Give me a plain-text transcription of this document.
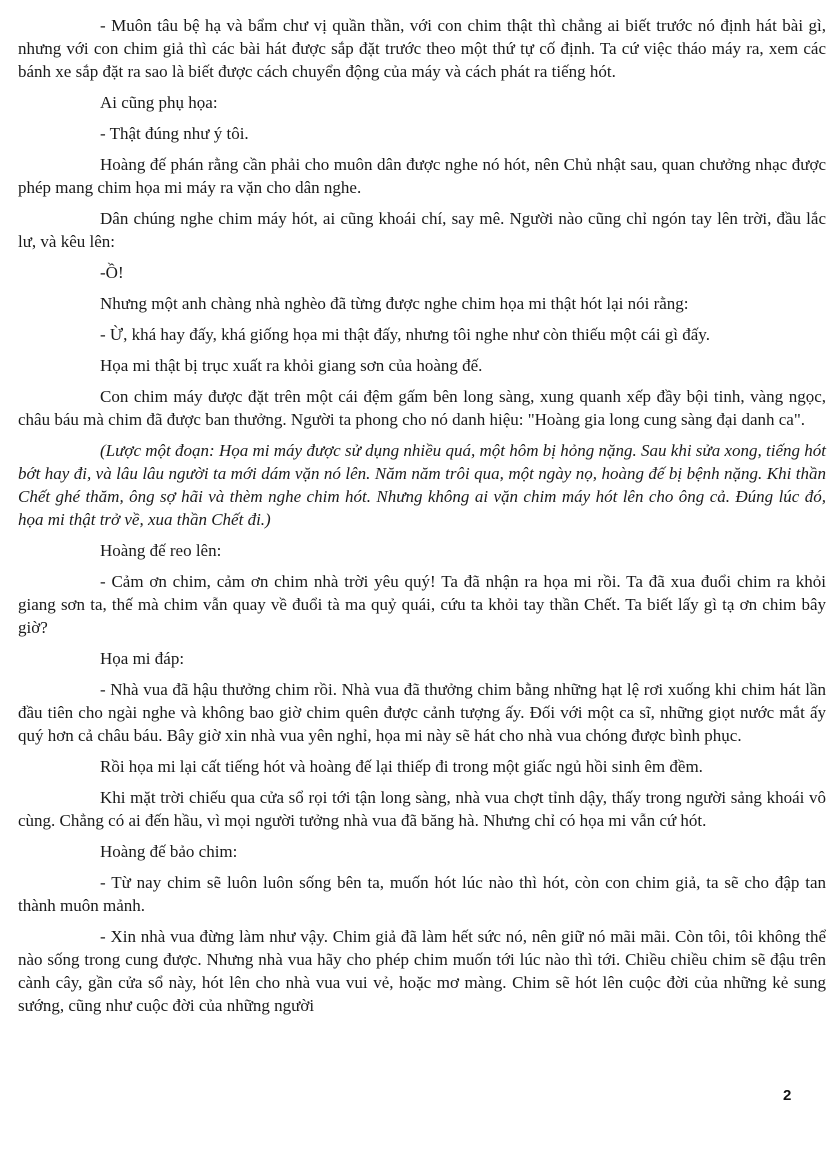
- Muôn tâu bệ hạ và bẩm chư vị quần thần, với con chim thật thì chẳng ai biết trước nó định hát bài gì, nhưng với con chim giả thì các bài hát được sắp đặt trước theo một thứ tự cố định. Ta cứ việc tháo máy ra, xem các bánh xe sắp đặt ra sao là biết được cách chuyển động của máy và cách phát ra tiếng hót.

Ai cũng phụ họa:

- Thật đúng như ý tôi.

Hoàng đế phán rằng cần phải cho muôn dân được nghe nó hót, nên Chủ nhật sau, quan chưởng nhạc được phép mang chim họa mi máy ra vặn cho dân nghe.

Dân chúng nghe chim máy hót, ai cũng khoái chí, say mê. Người nào cũng chỉ ngón tay lên trời, đầu lắc lư, và kêu lên:

-Ồ!

Nhưng một anh chàng nhà nghèo đã từng được nghe chim họa mi thật hót lại nói rằng:

- Ừ, khá hay đấy, khá giống họa mi thật đấy, nhưng tôi nghe như còn thiếu một cái gì đấy.

Họa mi thật bị trục xuất ra khỏi giang sơn của hoàng đế.

Con chim máy được đặt trên một cái đệm gấm bên long sàng, xung quanh xếp đầy bội tinh, vàng ngọc, châu báu mà chim đã được ban thưởng. Người ta phong cho nó danh hiệu: "Hoàng gia long cung sàng đại danh ca".

(Lược một đoạn: Họa mi máy được sử dụng nhiều quá, một hôm bị hỏng nặng. Sau khi sửa xong, tiếng hót bớt hay đi, và lâu lâu người ta mới dám vặn nó lên. Năm năm trôi qua, một ngày nọ, hoàng đế bị bệnh nặng. Khi thần Chết ghé thăm, ông sợ hãi và thèm nghe chim hót. Nhưng không ai vặn chim máy hót lên cho ông cả. Đúng lúc đó, họa mi thật trở về, xua thần Chết đi.)

Hoàng đế reo lên:

- Cảm ơn chim, cảm ơn chim nhà trời yêu quý! Ta đã nhận ra họa mi rồi. Ta đã xua đuổi chim ra khỏi giang sơn ta, thế mà chim vẫn quay về đuổi tà ma quỷ quái, cứu ta khỏi tay thần Chết. Ta biết lấy gì tạ ơn chim bây giờ?

Họa mi đáp:

- Nhà vua đã hậu thưởng chim rồi. Nhà vua đã thưởng chim bằng những hạt lệ rơi xuống khi chim hát lần đầu tiên cho ngài nghe và không bao giờ chim quên được cảnh tượng ấy. Đối với một ca sĩ, những giọt nước mắt ấy quý hơn cả châu báu. Bây giờ xin nhà vua yên nghỉ, họa mi này sẽ hát cho nhà vua chóng được bình phục.

Rồi họa mi lại cất tiếng hót và hoàng đế lại thiếp đi trong một giấc ngủ hồi sinh êm đềm.

Khi mặt trời chiếu qua cửa sổ rọi tới tận long sàng, nhà vua chợt tỉnh dậy, thấy trong người sảng khoái vô cùng. Chẳng có ai đến hầu, vì mọi người tưởng nhà vua đã băng hà. Nhưng chỉ có họa mi vẫn cứ hót.

Hoàng đế bảo chim:

- Từ nay chim sẽ luôn luôn sống bên ta, muốn hót lúc nào thì hót, còn con chim giả, ta sẽ cho đập tan thành muôn mảnh.

- Xin nhà vua đừng làm như vậy. Chim giả đã làm hết sức nó, nên giữ nó mãi mãi. Còn tôi, tôi không thể nào sống trong cung được. Nhưng nhà vua hãy cho phép chim muốn tới lúc nào thì tới. Chiều chiều chim sẽ đậu trên cành cây, gần cửa sổ này, hót lên cho nhà vua vui vẻ, hoặc mơ màng. Chim sẽ hót lên cuộc đời của những kẻ sung sướng, cũng như cuộc đời của những người

2
